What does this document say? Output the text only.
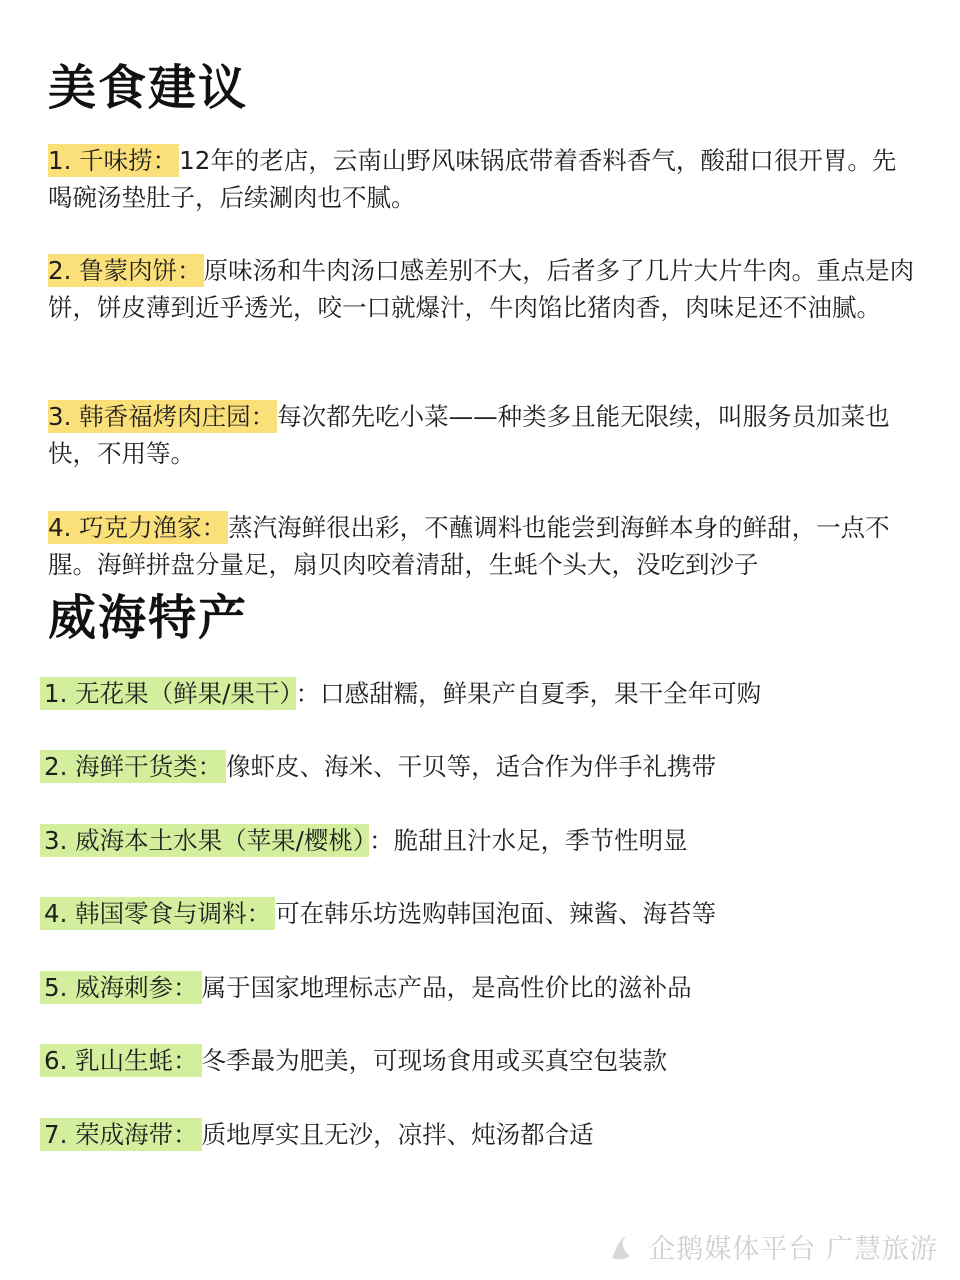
美食建议

1. 千味捞：12年的老店，云南山野风味锅底带着香料香气，酸甜口很开胃。先喝碗汤垫肚子，后续涮肉也不腻。

2. 鲁蒙肉饼：原味汤和牛肉汤口感差别不大，后者多了几片大片牛肉。重点是肉饼，饼皮薄到近乎透光，咬一口就爆汁，牛肉馅比猪肉香，肉味足还不油腻。

3. 韩香福烤肉庄园：每次都先吃小菜——种类多且能无限续，叫服务员加菜也快，不用等。

4. 巧克力渔家：蒸汽海鲜很出彩，不蘸调料也能尝到海鲜本身的鲜甜，一点不腥。海鲜拼盘分量足，扇贝肉咬着清甜，生蚝个头大，没吃到沙子

威海特产

1. 无花果（鲜果/果干） ：口感甜糯，鲜果产自夏季，果干全年可购

2. 海鲜干货类： 像虾皮、海米、干贝等，适合作为伴手礼携带

3. 威海本土水果（苹果/樱桃） ：脆甜且汁水足，季节性明显

4. 韩国零食与调料： 可在韩乐坊选购韩国泡面、辣酱、海苔等

5. 威海刺参： 属于国家地理标志产品，是高性价比的滋补品

6. 乳山生蚝： 冬季最为肥美，可现场食用或买真空包装款

7. 荣成海带： 质地厚实且无沙，凉拌、炖汤都合适

企鹅媒体平台 广慧旅游
